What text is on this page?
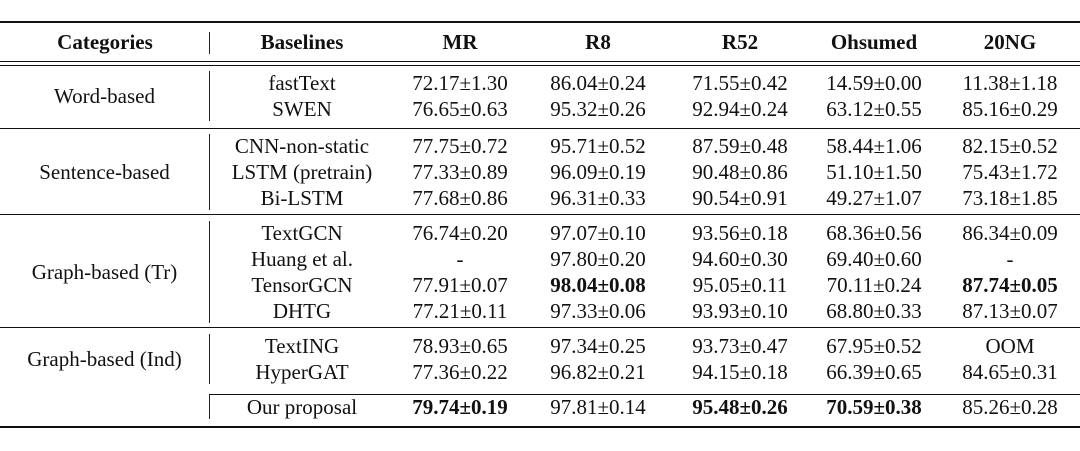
Categories	Baselines	MR	R8	R52	Ohsumed	20NG
Word-based
fastText	72.17±1.30	86.04±0.24	71.55±0.42	14.59±0.00	11.38±1.18
SWEN	76.65±0.63	95.32±0.26	92.94±0.24	63.12±0.55	85.16±0.29
Sentence-based
CNN-non-static	77.75±0.72	95.71±0.52	87.59±0.48	58.44±1.06	82.15±0.52
LSTM (pretrain)	77.33±0.89	96.09±0.19	90.48±0.86	51.10±1.50	75.43±1.72
Bi-LSTM	77.68±0.86	96.31±0.33	90.54±0.91	49.27±1.07	73.18±1.85
Graph-based (Tr)
TextGCN	76.74±0.20	97.07±0.10	93.56±0.18	68.36±0.56	86.34±0.09
Huang et al.	-	97.80±0.20	94.60±0.30	69.40±0.60	-
TensorGCN	77.91±0.07	98.04±0.08	95.05±0.11	70.11±0.24	87.74±0.05
DHTG	77.21±0.11	97.33±0.06	93.93±0.10	68.80±0.33	87.13±0.07
Graph-based (Ind)
TextING	78.93±0.65	97.34±0.25	93.73±0.47	67.95±0.52	OOM
HyperGAT	77.36±0.22	96.82±0.21	94.15±0.18	66.39±0.65	84.65±0.31
Our proposal	79.74±0.19	97.81±0.14	95.48±0.26	70.59±0.38	85.26±0.28
